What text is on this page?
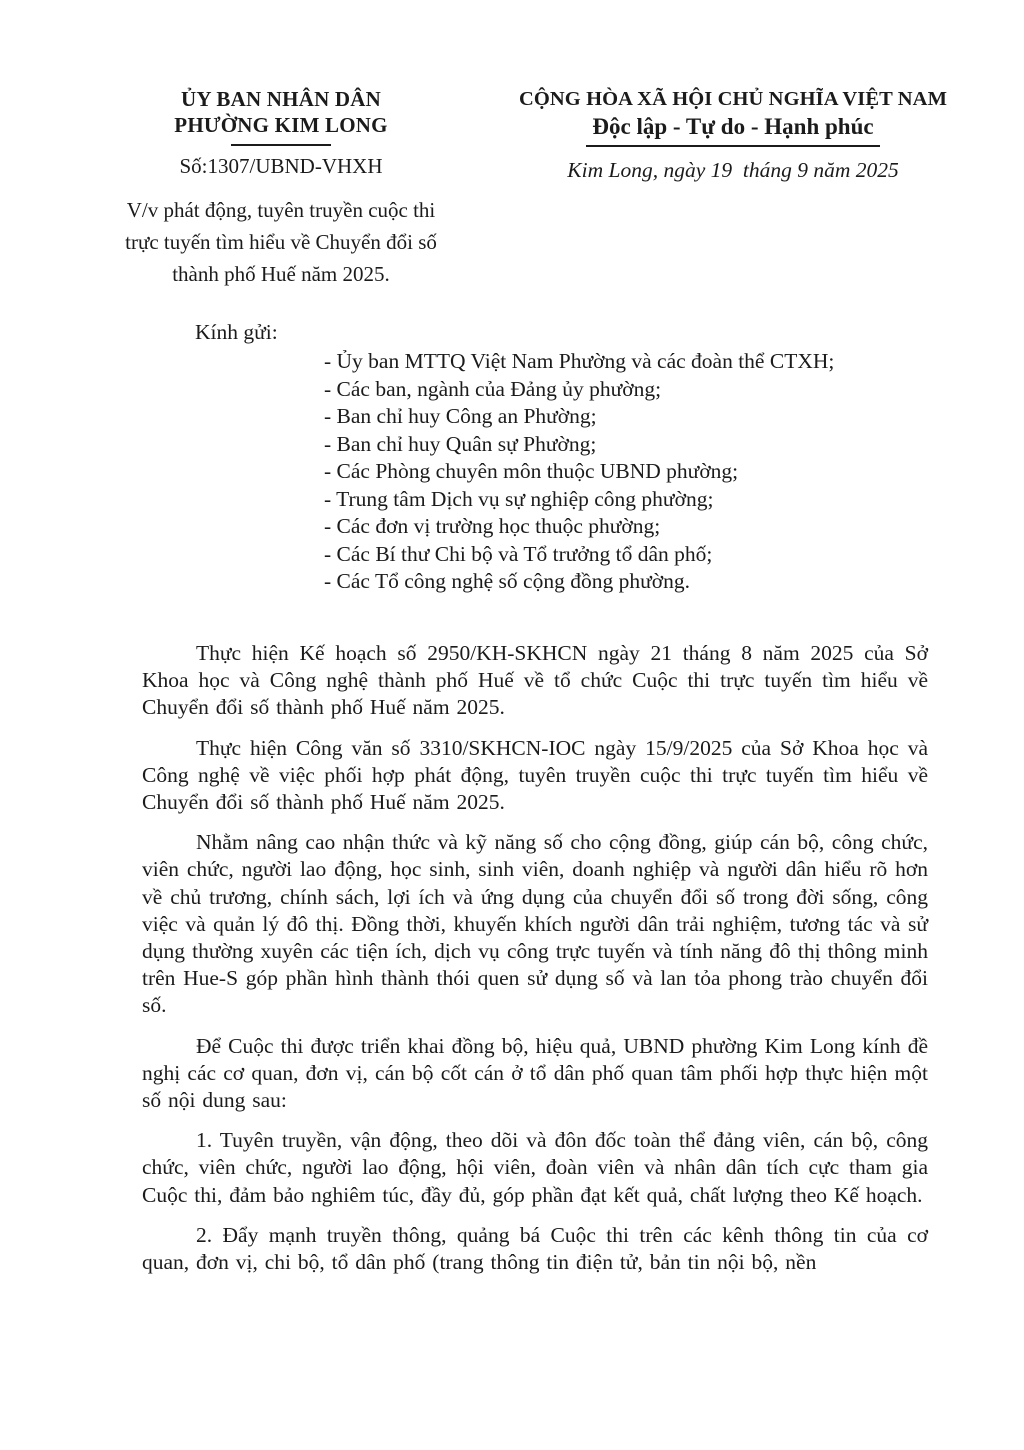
ỦY BAN NHÂN DÂN
PHƯỜNG KIM LONG
Số:1307/UBND-VHXH
V/v phát động, tuyên truyền cuộc thi
trực tuyến tìm hiểu về Chuyển đổi số
thành phố Huế năm 2025.
CỘNG HÒA XÃ HỘI CHỦ NGHĨA VIỆT NAM
Độc lập - Tự do - Hạnh phúc
Kim Long, ngày 19  tháng 9 năm 2025
Kính gửi:
- Ủy ban MTTQ Việt Nam Phường và các đoàn thể CTXH;
- Các ban, ngành của Đảng ủy phường;
- Ban chỉ huy Công an Phường;
- Ban chỉ huy Quân sự Phường;
- Các Phòng chuyên môn thuộc UBND phường;
- Trung tâm Dịch vụ sự nghiệp công phường;
- Các đơn vị trường học thuộc phường;
- Các Bí thư Chi bộ và Tổ trưởng tổ dân phố;
- Các Tổ công nghệ số cộng đồng phường.

Thực hiện Kế hoạch số 2950/KH-SKHCN ngày 21 tháng 8 năm 2025 của Sở Khoa học và Công nghệ thành phố Huế về tổ chức Cuộc thi trực tuyến tìm hiểu về Chuyển đổi số thành phố Huế năm 2025.

Thực hiện Công văn số 3310/SKHCN-IOC ngày 15/9/2025 của Sở Khoa học và Công nghệ về việc phối hợp phát động, tuyên truyền cuộc thi trực tuyến tìm hiểu về Chuyển đổi số thành phố Huế năm 2025.

Nhằm nâng cao nhận thức và kỹ năng số cho cộng đồng, giúp cán bộ, công chức, viên chức, người lao động, học sinh, sinh viên, doanh nghiệp và người dân hiểu rõ hơn về chủ trương, chính sách, lợi ích và ứng dụng của chuyển đổi số trong đời sống, công việc và quản lý đô thị. Đồng thời, khuyến khích người dân trải nghiệm, tương tác và sử dụng thường xuyên các tiện ích, dịch vụ công trực tuyến và tính năng đô thị thông minh trên Hue-S góp phần hình thành thói quen sử dụng số và lan tỏa phong trào chuyển đổi số.

Để Cuộc thi được triển khai đồng bộ, hiệu quả, UBND phường Kim Long kính đề nghị các cơ quan, đơn vị, cán bộ cốt cán ở tổ dân phố quan tâm phối hợp thực hiện một số nội dung sau:

1. Tuyên truyền, vận động, theo dõi và đôn đốc toàn thể đảng viên, cán bộ, công chức, viên chức, người lao động, hội viên, đoàn viên và nhân dân tích cực tham gia Cuộc thi, đảm bảo nghiêm túc, đầy đủ, góp phần đạt kết quả, chất lượng theo Kế hoạch.

2. Đẩy mạnh truyền thông, quảng bá Cuộc thi trên các kênh thông tin của cơ quan, đơn vị, chi bộ, tổ dân phố (trang thông tin điện tử, bản tin nội bộ, nền
